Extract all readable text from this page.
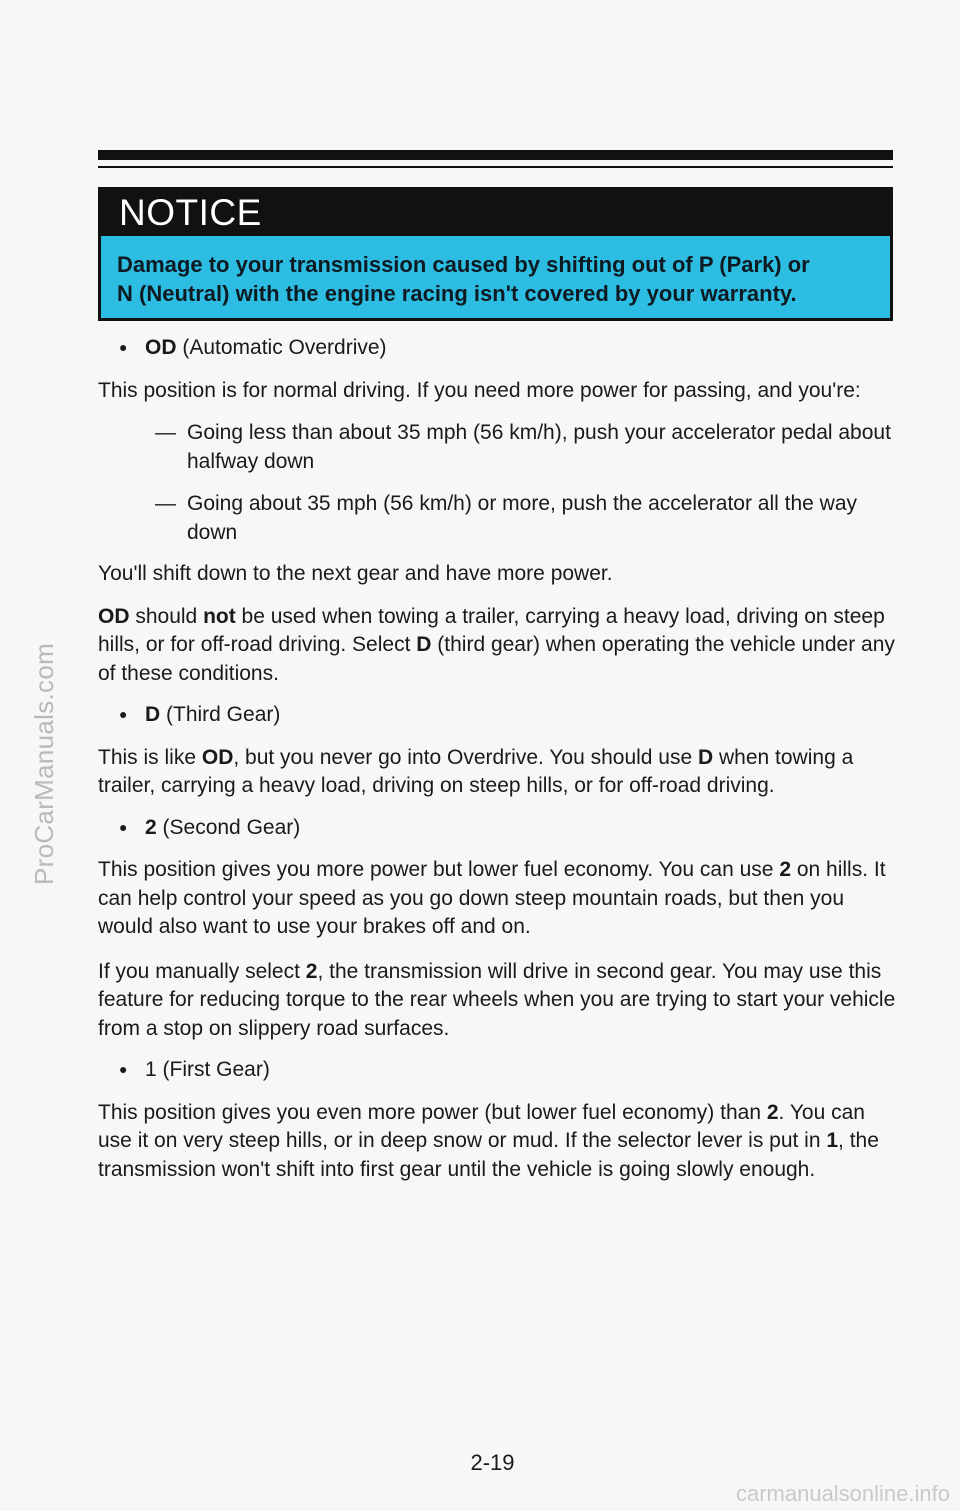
NOTICE
Damage to your transmission caused by shifting out of P (Park) or N (Neutral) with the engine racing isn't covered by your warranty.

● OD (Automatic Overdrive)

This position is for normal driving. If you need more power for passing, and you're:

— Going less than about 35 mph (56 km/h), push your accelerator pedal about halfway down

— Going about 35 mph (56 km/h) or more, push the accelerator all the way down

You'll shift down to the next gear and have more power.

OD should not be used when towing a trailer, carrying a heavy load, driving on steep hills, or for off-road driving. Select D (third gear) when operating the vehicle under any of these conditions.

● D (Third Gear)

This is like OD, but you never go into Overdrive. You should use D when towing a trailer, carrying a heavy load, driving on steep hills, or for off-road driving.

● 2 (Second Gear)

This position gives you more power but lower fuel economy. You can use 2 on hills. It can help control your speed as you go down steep mountain roads, but then you would also want to use your brakes off and on.

If you manually select 2, the transmission will drive in second gear. You may use this feature for reducing torque to the rear wheels when you are trying to start your vehicle from a stop on slippery road surfaces.

● 1 (First Gear)

This position gives you even more power (but lower fuel economy) than 2. You can use it on very steep hills, or in deep snow or mud. If the selector lever is put in 1, the transmission won't shift into first gear until the vehicle is going slowly enough.

2-19
ProCarManuals.com
carmanualsonline.info
